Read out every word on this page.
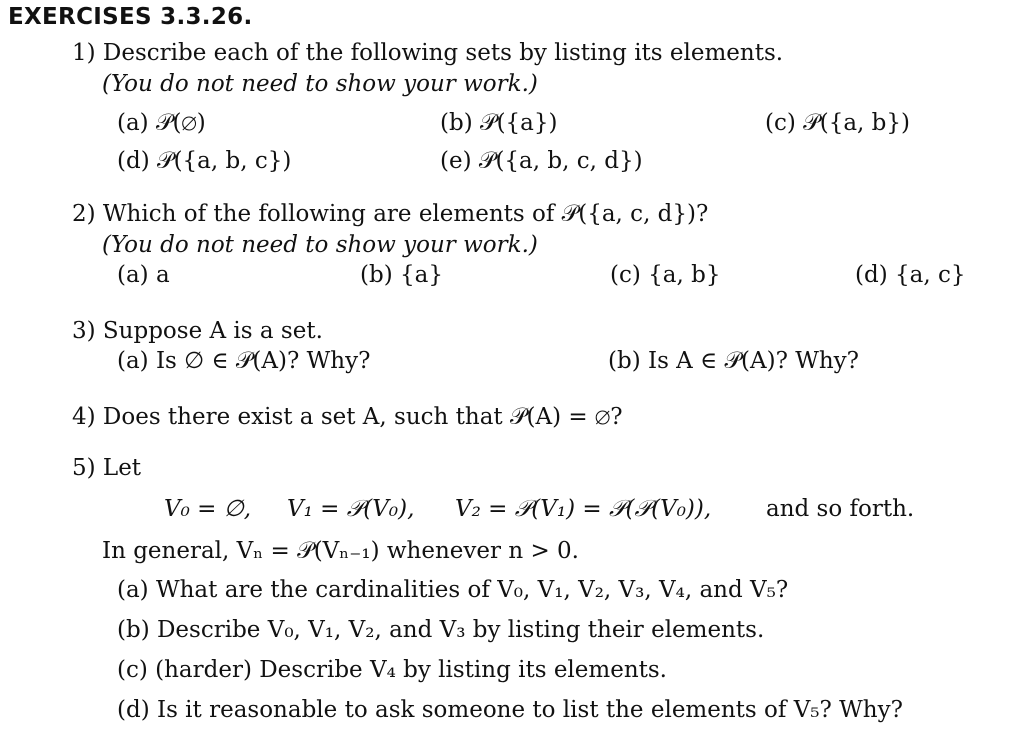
EXERCISES 3.3.26.
1) Describe each of the following sets by listing its elements.
(You do not need to show your work.)
(a) 𝒫(∅)	(b) 𝒫({a})	(c) 𝒫({a, b})
(d) 𝒫({a, b, c})	(e) 𝒫({a, b, c, d})
2) Which of the following are elements of 𝒫({a, c, d})?
(You do not need to show your work.)
(a) a	(b) {a}	(c) {a, b}	(d) {a, c}
3) Suppose A is a set.
(a) Is ∅ ∈ 𝒫(A)? Why?	(b) Is A ∈ 𝒫(A)? Why?
4) Does there exist a set A, such that 𝒫(A) = ∅?
5) Let
V₀ = ∅, V₁ = 𝒫(V₀), V₂ = 𝒫(V₁) = 𝒫(𝒫(V₀)), and so forth.
In general, Vₙ = 𝒫(Vₙ₋₁) whenever n > 0.
(a) What are the cardinalities of V₀, V₁, V₂, V₃, V₄, and V₅?
(b) Describe V₀, V₁, V₂, and V₃ by listing their elements.
(c) (harder) Describe V₄ by listing its elements.
(d) Is it reasonable to ask someone to list the elements of V₅? Why?
